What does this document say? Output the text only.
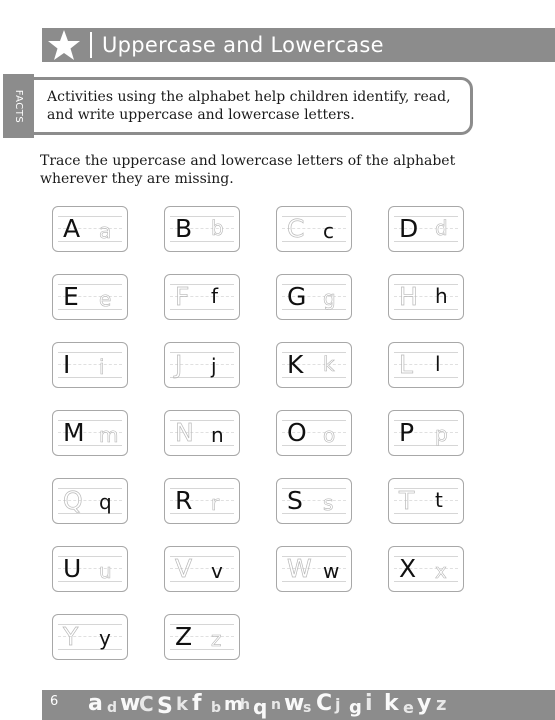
Uppercase and Lowercase
FACTS Activities using the alphabet help children identify, read,
and write uppercase and lowercase letters.
Trace the uppercase and lowercase letters of the alphabet
wherever they are missing.
A a	B b	C c	D d
E e	F f	G g	H h
I i	J j	K k	L l
M m N n	O o	P p
Q q	R r	S s	T t
U u	V v	W w X x
Y y	Z z
6	a d w
C S k f b m
h q n w
s C j g i k e y z
